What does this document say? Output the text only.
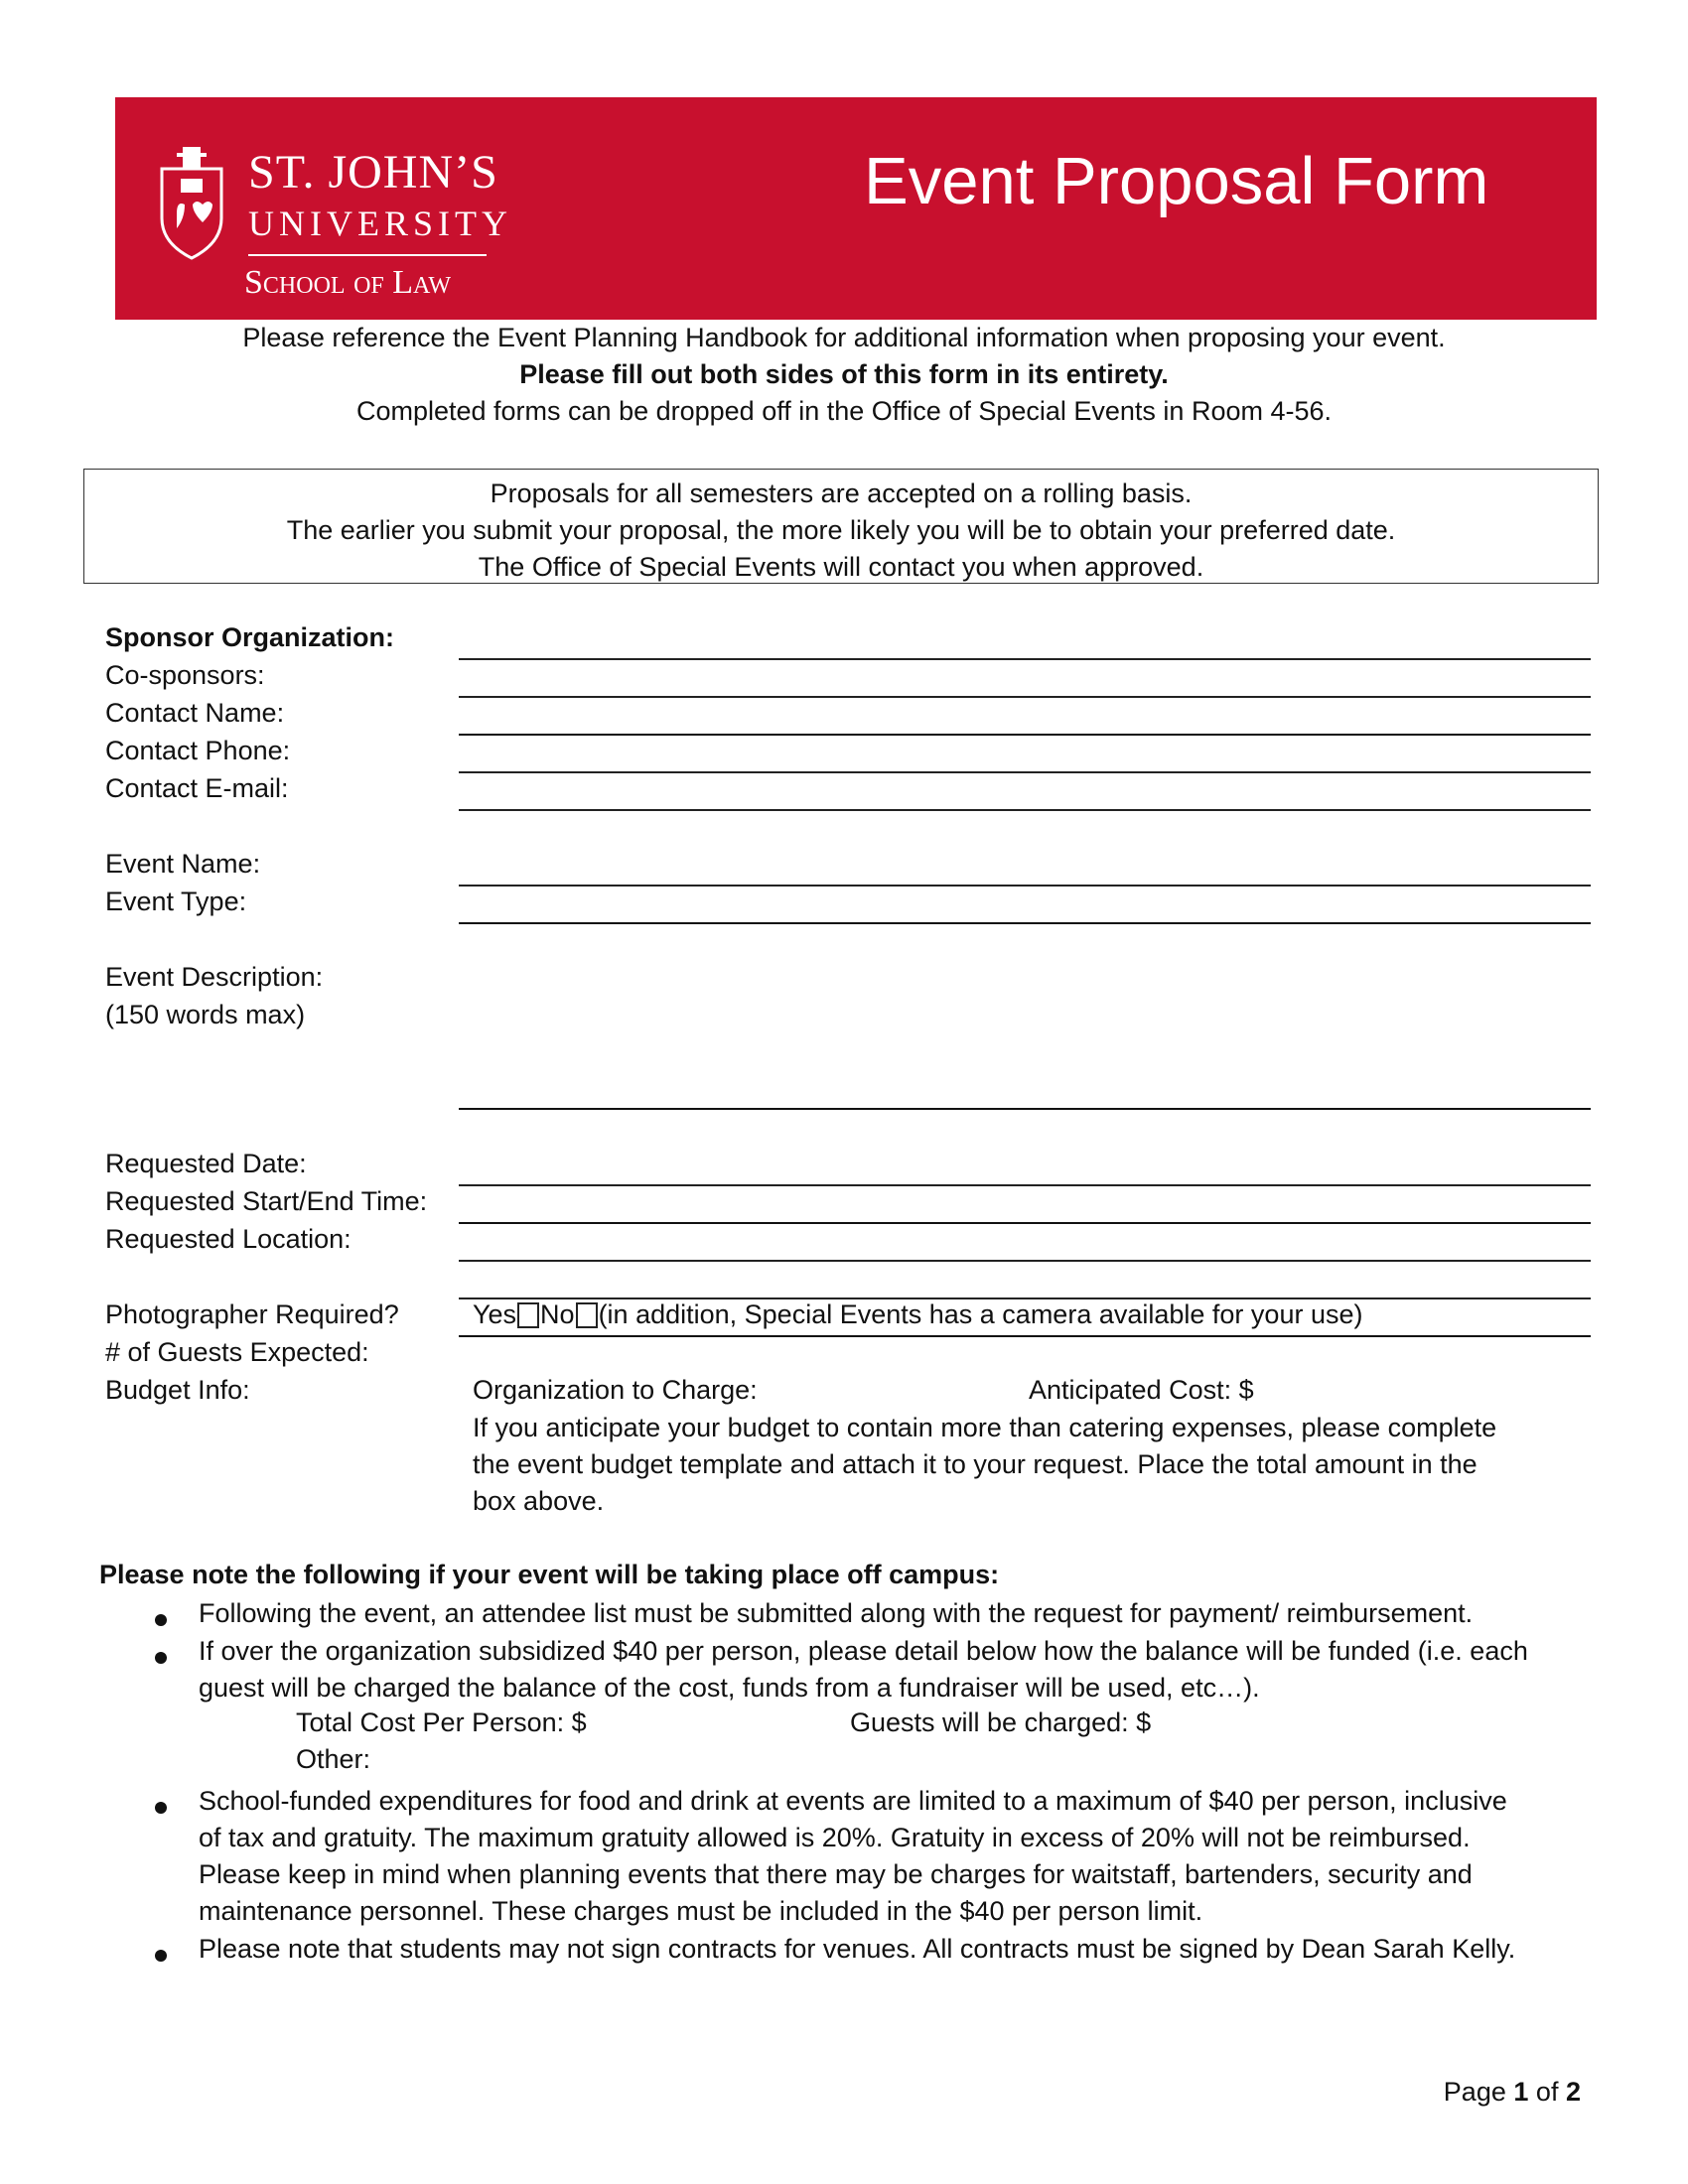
ST. JOHN’S
UNIVERSITY
School of Law
Event Proposal Form
Please reference the Event Planning Handbook for additional information when proposing your event.
Please fill out both sides of this form in its entirety.
Completed forms can be dropped off in the Office of Special Events in Room 4-56.
Proposals for all semesters are accepted on a rolling basis.
The earlier you submit your proposal, the more likely you will be to obtain your preferred date.
The Office of Special Events will contact you when approved.
Sponsor Organization:
Co-sponsors:
Contact Name:
Contact Phone:
Contact E-mail:
Event Name:
Event Type:
Event Description:
(150 words max)
Requested Date:
Requested Start/End Time:
Requested Location:
Photographer Required?
# of Guests Expected:
Budget Info:
Yes No (in addition, Special Events has a camera available for your use)
Organization to Charge:	Anticipated Cost: $
If you anticipate your budget to contain more than catering expenses, please complete
the event budget template and attach it to your request. Place the total amount in the
box above.
Please note the following if your event will be taking place off campus:
Following the event, an attendee list must be submitted along with the request for payment/ reimbursement.
If over the organization subsidized $40 per person, please detail below how the balance will be funded (i.e. each
guest will be charged the balance of the cost, funds from a fundraiser will be used, etc…).
Total Cost Per Person: $	Guests will be charged: $
Other:
School-funded expenditures for food and drink at events are limited to a maximum of $40 per person, inclusive
of tax and gratuity. The maximum gratuity allowed is 20%. Gratuity in excess of 20% will not be reimbursed.
Please keep in mind when planning events that there may be charges for waitstaff, bartenders, security and
maintenance personnel. These charges must be included in the $40 per person limit.
Please note that students may not sign contracts for venues. All contracts must be signed by Dean Sarah Kelly.
Page 1 of 2
